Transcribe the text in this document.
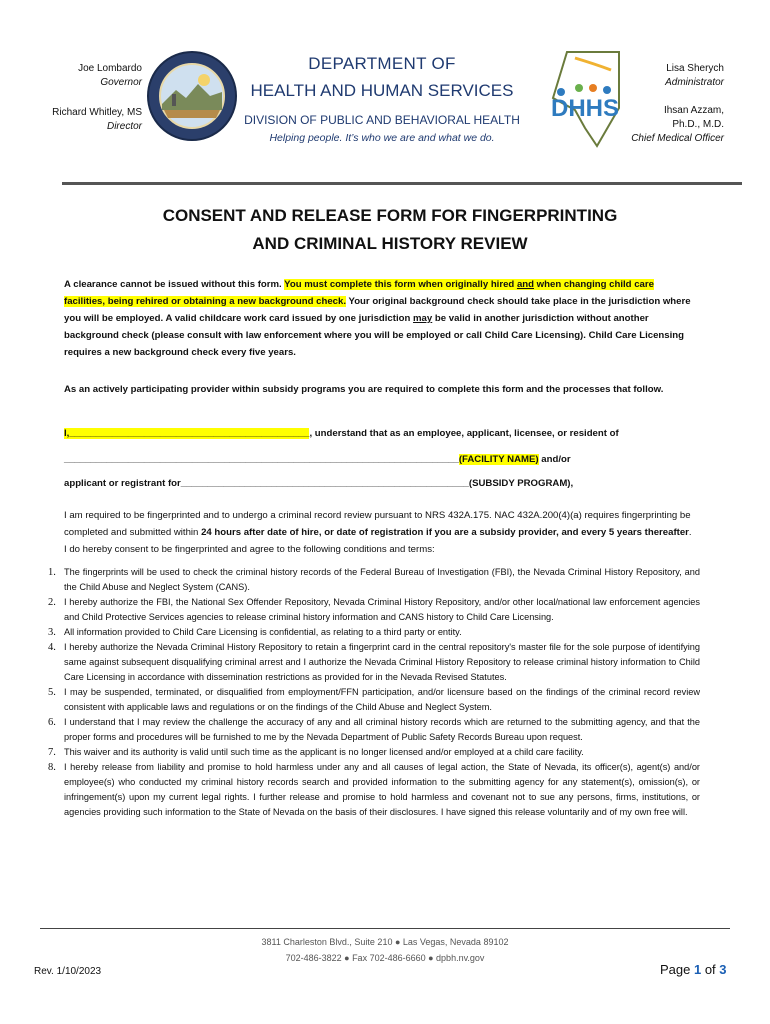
Joe Lombardo
Governor
Richard Whitley, MS
Director
DEPARTMENT OF
HEALTH AND HUMAN SERVICES
DIVISION OF PUBLIC AND BEHAVIORAL HEALTH
Helping people. It’s who we are and what we do.
DHHS
Lisa Sherych
Administrator
Ihsan Azzam,
Ph.D., M.D.
Chief Medical Officer
CONSENT AND RELEASE FORM FOR FINGERPRINTING
AND CRIMINAL HISTORY REVIEW
A clearance cannot be issued without this form. You must complete this form when originally hired and when changing child care facilities, being rehired or obtaining a new background check. Your original background check should take place in the jurisdiction where you will be employed. A valid childcare work card issued by one jurisdiction may be valid in another jurisdiction without another background check (please consult with law enforcement where you will be employed or call Child Care Licensing). Child Care Licensing requires a new background check every five years.
As an actively participating provider within subsidy programs you are required to complete this form and the processes that follow.
I,_____________________________________________, understand that as an employee, applicant, licensee, or resident of
__________________________________________________________________________(FACILITY NAME) and/or
applicant or registrant for______________________________________________________(SUBSIDY PROGRAM),
I am required to be fingerprinted and to undergo a criminal record review pursuant to NRS 432A.175. NAC 432A.200(4)(a) requires fingerprinting be completed and submitted within 24 hours after date of hire, or date of registration if you are a subsidy provider, and every 5 years thereafter. I do hereby consent to be fingerprinted and agree to the following conditions and terms:
1. The fingerprints will be used to check the criminal history records of the Federal Bureau of Investigation (FBI), the Nevada Criminal History Repository, and the Child Abuse and Neglect System (CANS).
2. I hereby authorize the FBI, the National Sex Offender Repository, Nevada Criminal History Repository, and/or other local/national law enforcement agencies and Child Protective Services agencies to release criminal history information and CANS history to Child Care Licensing.
3. All information provided to Child Care Licensing is confidential, as relating to a third party or entity.
4. I hereby authorize the Nevada Criminal History Repository to retain a fingerprint card in the central repository's master file for the sole purpose of identifying same against subsequent disqualifying criminal arrest and I authorize the Nevada Criminal History Repository to release criminal history information to Child Care Licensing in accordance with dissemination restrictions as provided for in the Nevada Revised Statutes.
5. I may be suspended, terminated, or disqualified from employment/FFN participation, and/or licensure based on the findings of the criminal record review consistent with applicable laws and regulations or on the findings of the Child Abuse and Neglect System.
6. I understand that I may review the challenge the accuracy of any and all criminal history records which are returned to the submitting agency, and that the proper forms and procedures will be furnished to me by the Nevada Department of Public Safety Records Bureau upon request.
7. This waiver and its authority is valid until such time as the applicant is no longer licensed and/or employed at a child care facility.
8. I hereby release from liability and promise to hold harmless under any and all causes of legal action, the State of Nevada, its officer(s), agent(s) and/or employee(s) who conducted my criminal history records search and provided information to the submitting agency for any statement(s), omission(s), or infringement(s) upon my current legal rights. I further release and promise to hold harmless and covenant not to sue any persons, firms, institutions, or agencies providing such information to the State of Nevada on the basis of their disclosures. I have signed this release voluntarily and of my own free will.
3811 Charleston Blvd., Suite 210 ● Las Vegas, Nevada 89102
702-486-3822 ● Fax 702-486-6660 ● dpbh.nv.gov
Rev. 1/10/2023	Page 1 of 3
